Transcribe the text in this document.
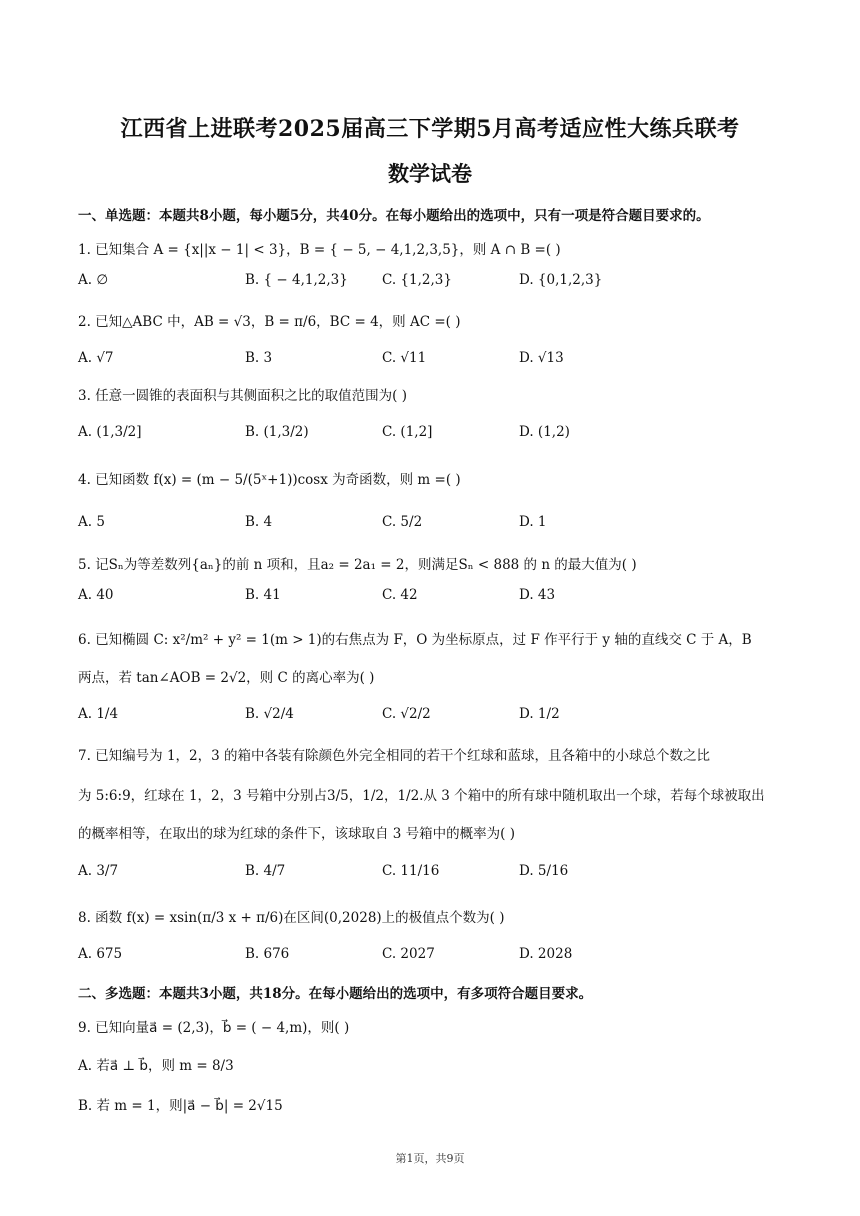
江西省上进联考2025届高三下学期5月高考适应性大练兵联考
数学试卷
一、单选题：本题共8小题，每小题5分，共40分。在每小题给出的选项中，只有一项是符合题目要求的。
1. 已知集合 A = {x||x − 1| < 3}，B = { − 5, − 4,1,2,3,5}，则 A ∩ B =( )
A. ∅	B. { − 4,1,2,3}	C. {1,2,3}	D. {0,1,2,3}
2. 已知△ABC 中，AB = √3，B = π/6，BC = 4，则 AC =( )
A. √7	B. 3	C. √11	D. √13
3. 任意一圆锥的表面积与其侧面积之比的取值范围为( )
A. (1,3/2]	B. (1,3/2)	C. (1,2]	D. (1,2)
4. 已知函数 f(x) = (m − 5/(5ˣ+1))cosx 为奇函数，则 m =( )
A. 5	B. 4	C. 5/2	D. 1
5. 记Sₙ为等差数列{aₙ}的前 n 项和，且a₂ = 2a₁ = 2，则满足Sₙ < 888 的 n 的最大值为( )
A. 40	B. 41	C. 42	D. 43
6. 已知椭圆 C: x²/m² + y² = 1(m > 1)的右焦点为 F，O 为坐标原点，过 F 作平行于 y 轴的直线交 C 于 A，B
两点，若 tan∠AOB = 2√2，则 C 的离心率为( )
A. 1/4	B. √2/4	C. √2/2	D. 1/2
7. 已知编号为 1，2，3 的箱中各装有除颜色外完全相同的若干个红球和蓝球，且各箱中的小球总个数之比
为 5:6:9，红球在 1，2，3 号箱中分别占3/5，1/2，1/2.从 3 个箱中的所有球中随机取出一个球，若每个球被取出
的概率相等，在取出的球为红球的条件下，该球取自 3 号箱中的概率为( )
A. 3/7	B. 4/7	C. 11/16	D. 5/16
8. 函数 f(x) = xsin(π/3 x + π/6)在区间(0,2028)上的极值点个数为( )
A. 675	B. 676	C. 2027	D. 2028
二、多选题：本题共3小题，共18分。在每小题给出的选项中，有多项符合题目要求。
9. 已知向量a⃗ = (2,3)，b⃗ = ( − 4,m)，则( )
A. 若a⃗ ⊥ b⃗，则 m = 8/3
B. 若 m = 1，则|a⃗ − b⃗| = 2√15
第1页，共9页
